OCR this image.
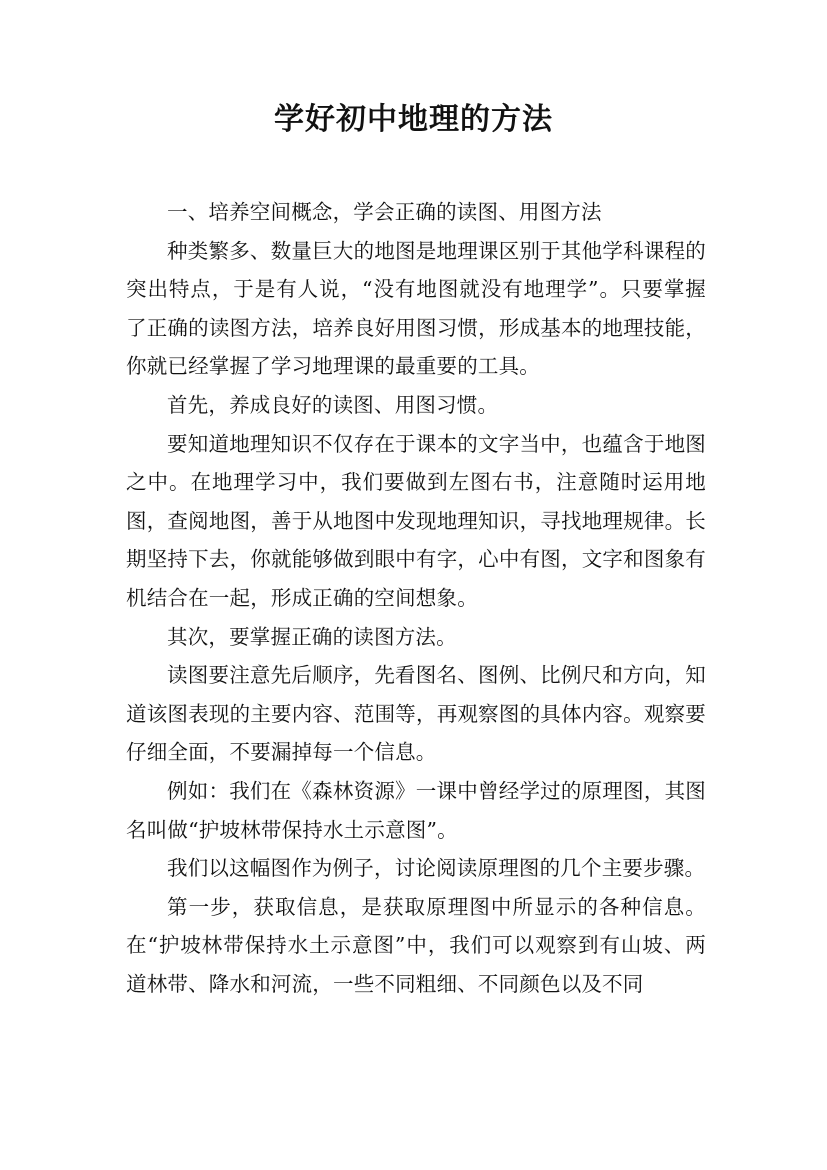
学好初中地理的方法

一、培养空间概念，学会正确的读图、用图方法

种类繁多、数量巨大的地图是地理课区别于其他学科课程的突出特点，于是有人说，“没有地图就没有地理学”。只要掌握了正确的读图方法，培养良好用图习惯，形成基本的地理技能，你就已经掌握了学习地理课的最重要的工具。

首先，养成良好的读图、用图习惯。

要知道地理知识不仅存在于课本的文字当中，也蕴含于地图之中。在地理学习中，我们要做到左图右书，注意随时运用地图，查阅地图，善于从地图中发现地理知识，寻找地理规律。长期坚持下去，你就能够做到眼中有字，心中有图，文字和图象有机结合在一起，形成正确的空间想象。

其次，要掌握正确的读图方法。

读图要注意先后顺序，先看图名、图例、比例尺和方向，知道该图表现的主要内容、范围等，再观察图的具体内容。观察要仔细全面，不要漏掉每一个信息。

例如：我们在《森林资源》一课中曾经学过的原理图，其图名叫做“护坡林带保持水土示意图”。

我们以这幅图作为例子，讨论阅读原理图的几个主要步骤。

第一步，获取信息，是获取原理图中所显示的各种信息。在“护坡林带保持水土示意图”中，我们可以观察到有山坡、两道林带、降水和河流，一些不同粗细、不同颜色以及不同
